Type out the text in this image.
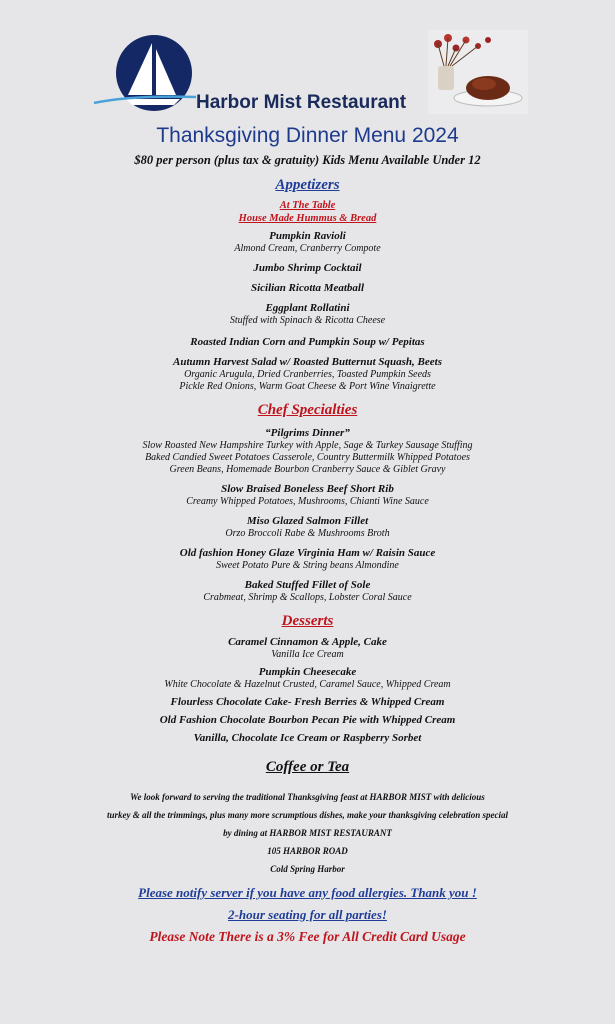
Harbor Mist Restaurant
Thanksgiving Dinner Menu 2024
$80 per person (plus tax & gratuity) Kids Menu Available Under 12
Appetizers
At The Table
House Made Hummus & Bread
Pumpkin Ravioli
Almond Cream, Cranberry Compote
Jumbo Shrimp Cocktail
Sicilian Ricotta Meatball
Eggplant Rollatini
Stuffed with Spinach & Ricotta Cheese
Roasted Indian Corn and Pumpkin Soup w/ Pepitas
Autumn Harvest Salad w/ Roasted Butternut Squash, Beets
Organic Arugula, Dried Cranberries, Toasted Pumpkin Seeds
Pickle Red Onions, Warm Goat Cheese & Port Wine Vinaigrette
Chef Specialties
“Pilgrims Dinner”
Slow Roasted New Hampshire Turkey with Apple, Sage & Turkey Sausage Stuffing
Baked Candied Sweet Potatoes Casserole, Country Buttermilk Whipped Potatoes
Green Beans, Homemade Bourbon Cranberry Sauce & Giblet Gravy
Slow Braised Boneless Beef Short Rib
Creamy Whipped Potatoes, Mushrooms, Chianti Wine Sauce
Miso Glazed Salmon Fillet
Orzo Broccoli Rabe & Mushrooms Broth
Old fashion Honey Glaze Virginia Ham w/ Raisin Sauce
Sweet Potato Pure & String beans Almondine
Baked Stuffed Fillet of Sole
Crabmeat, Shrimp & Scallops, Lobster Coral Sauce
Desserts
Caramel Cinnamon & Apple, Cake
Vanilla Ice Cream
Pumpkin Cheesecake
White Chocolate & Hazelnut Crusted, Caramel Sauce, Whipped Cream
Flourless Chocolate Cake- Fresh Berries & Whipped Cream
Old Fashion Chocolate Bourbon Pecan Pie with Whipped Cream
Vanilla, Chocolate Ice Cream or Raspberry Sorbet
Coffee or Tea
We look forward to serving the traditional Thanksgiving feast at HARBOR MIST with delicious
turkey & all the trimmings, plus many more scrumptious dishes, make your thanksgiving celebration special
by dining at HARBOR MIST RESTAURANT
105 HARBOR ROAD
Cold Spring Harbor
Please notify server if you have any food allergies. Thank you !
2-hour seating for all parties!
Please Note There is a 3% Fee for All Credit Card Usage
